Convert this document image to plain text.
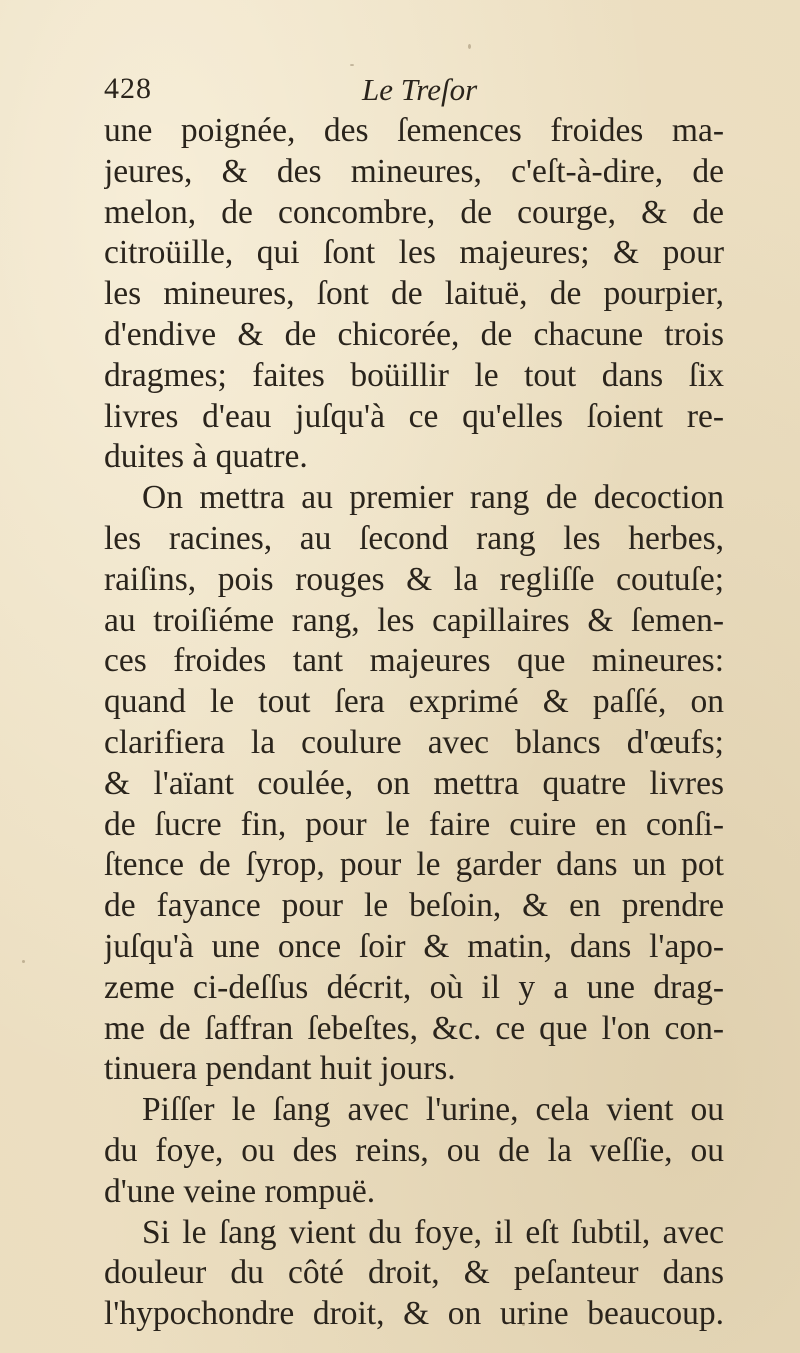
428	Le Treſor
une poignée, des ſemences froides ma-
jeures, & des mineures, c'eſt-à-dire, de
melon, de concombre, de courge, & de
citroüille, qui ſont les majeures; & pour
les mineures, ſont de laituë, de pourpier,
d'endive & de chicorée, de chacune trois
dragmes; faites boüillir le tout dans ſix
livres d'eau juſqu'à ce qu'elles ſoient re-
duites à quatre.
On mettra au premier rang de decoction
les racines, au ſecond rang les herbes,
raiſins, pois rouges & la regliſſe coutuſe;
au troiſiéme rang, les capillaires & ſemen-
ces froides tant majeures que mineures:
quand le tout ſera exprimé & paſſé, on
clarifiera la coulure avec blancs d'œufs;
& l'aïant coulée, on mettra quatre livres
de ſucre fin, pour le faire cuire en conſi-
ſtence de ſyrop, pour le garder dans un pot
de fayance pour le beſoin, & en prendre
juſqu'à une once ſoir & matin, dans l'apo-
zeme ci-deſſus décrit, où il y a une drag-
me de ſaffran ſebeſtes, &c. ce que l'on con-
tinuera pendant huit jours.
Piſſer le ſang avec l'urine, cela vient ou
du foye, ou des reins, ou de la veſſie, ou
d'une veine rompuë.
Si le ſang vient du foye, il eſt ſubtil, avec
douleur du côté droit, & peſanteur dans
l'hypochondre droit, & on urine beaucoup.
